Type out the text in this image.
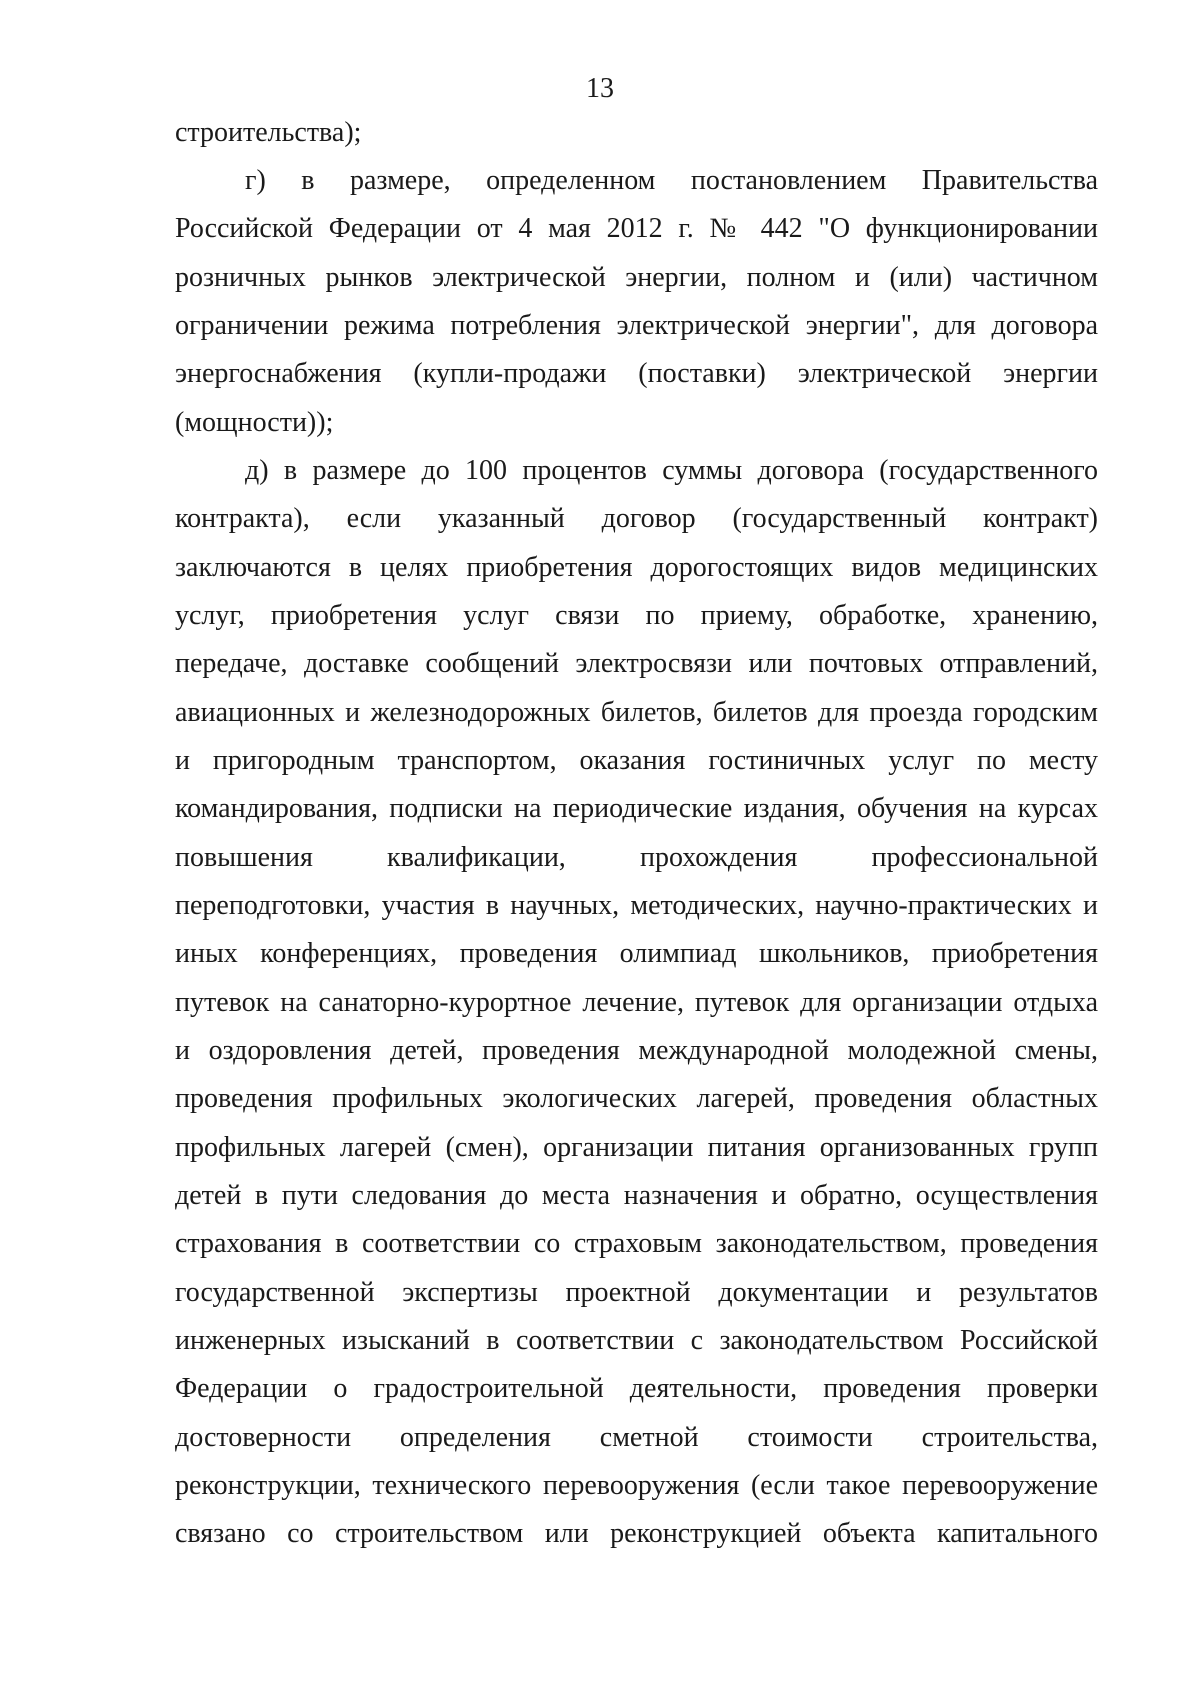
13
строительства);
г) в размере, определенном постановлением Правительства
Российской Федерации от 4 мая 2012 г. № 442 "О функционировании
розничных рынков электрической энергии, полном и (или) частичном
ограничении режима потребления электрической энергии", для договора
энергоснабжения (купли-продажи (поставки) электрической энергии
(мощности));
д) в размере до 100 процентов суммы договора (государственного
контракта), если указанный договор (государственный контракт)
заключаются в целях приобретения дорогостоящих видов медицинских
услуг, приобретения услуг связи по приему, обработке, хранению,
передаче, доставке сообщений электросвязи или почтовых отправлений,
авиационных и железнодорожных билетов, билетов для проезда городским
и пригородным транспортом, оказания гостиничных услуг по месту
командирования, подписки на периодические издания, обучения на курсах
повышения квалификации, прохождения профессиональной
переподготовки, участия в научных, методических, научно-практических и
иных конференциях, проведения олимпиад школьников, приобретения
путевок на санаторно-курортное лечение, путевок для организации отдыха
и оздоровления детей, проведения международной молодежной смены,
проведения профильных экологических лагерей, проведения областных
профильных лагерей (смен), организации питания организованных групп
детей в пути следования до места назначения и обратно, осуществления
страхования в соответствии со страховым законодательством, проведения
государственной экспертизы проектной документации и результатов
инженерных изысканий в соответствии с законодательством Российской
Федерации о градостроительной деятельности, проведения проверки
достоверности определения сметной стоимости строительства,
реконструкции, технического перевооружения (если такое перевооружение
связано со строительством или реконструкцией объекта капитального
